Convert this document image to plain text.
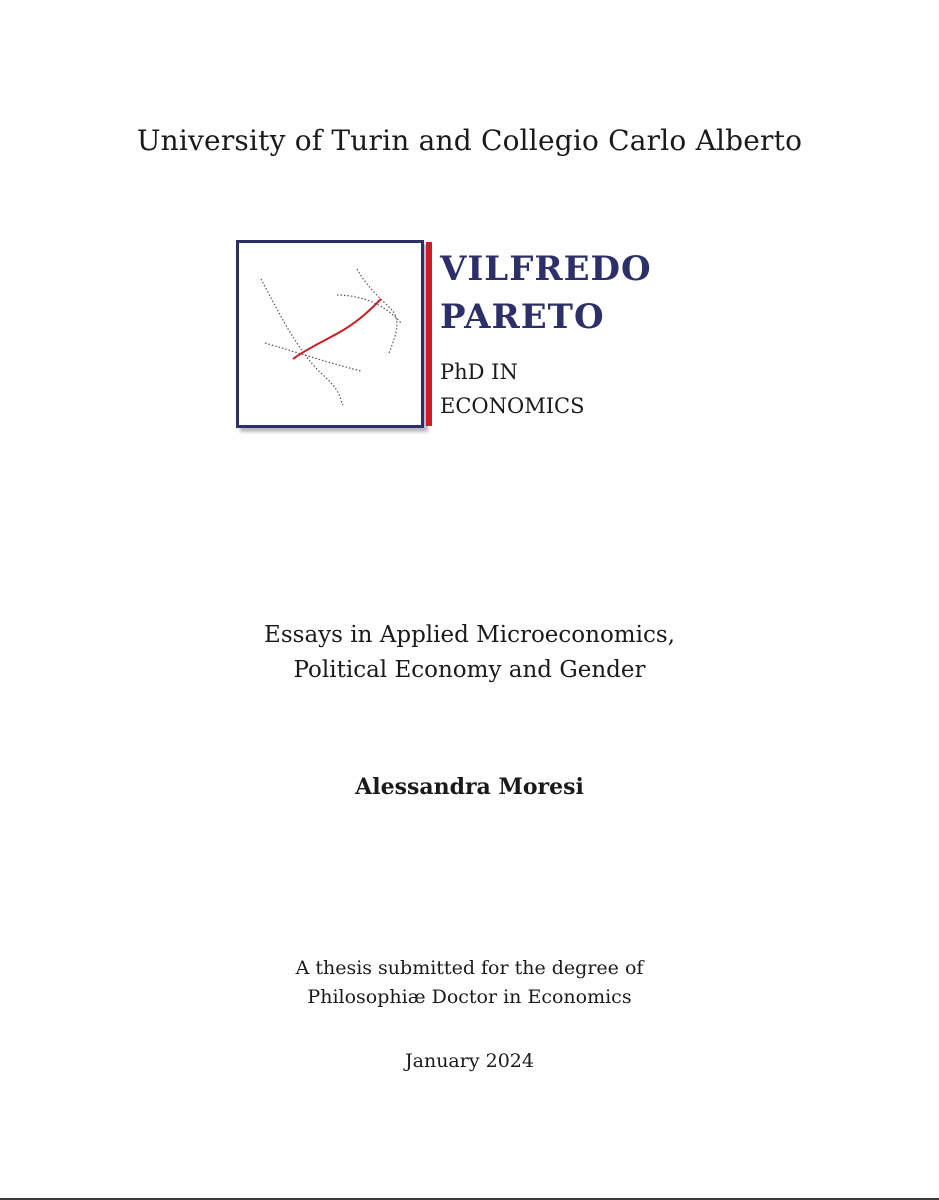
University of Turin and Collegio Carlo Alberto
VILFREDO
PARETO
PhD IN
ECONOMICS
Essays in Applied Microeconomics,
Political Economy and Gender
Alessandra Moresi
A thesis submitted for the degree of
Philosophiæ Doctor in Economics
January 2024
